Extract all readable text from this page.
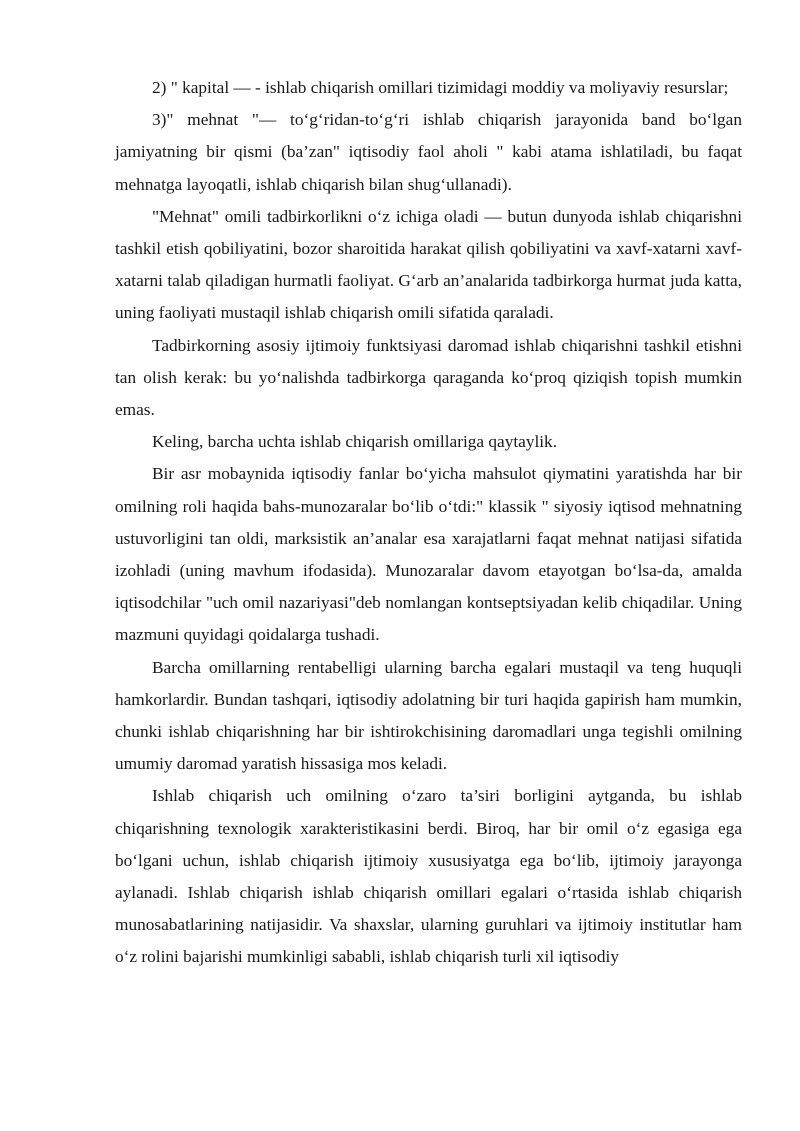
2) " kapital — - ishlab chiqarish omillari tizimidagi moddiy va moliyaviy resurslar;

3)" mehnat "— to‘g‘ridan-to‘g‘ri ishlab chiqarish jarayonida band bo‘lgan jamiyatning bir qismi (ba’zan" iqtisodiy faol aholi " kabi atama ishlatiladi, bu faqat mehnatga layoqatli, ishlab chiqarish bilan shug‘ullanadi).

"Mehnat" omili tadbirkorlikni o‘z ichiga oladi — butun dunyoda ishlab chiqarishni tashkil etish qobiliyatini, bozor sharoitida harakat qilish qobiliyatini va xavf-xatarni xavf-xatarni talab qiladigan hurmatli faoliyat. G‘arb an’analarida tadbirkorga hurmat juda katta, uning faoliyati mustaqil ishlab chiqarish omili sifatida qaraladi.

Tadbirkorning asosiy ijtimoiy funktsiyasi daromad ishlab chiqarishni tashkil etishni tan olish kerak: bu yo‘nalishda tadbirkorga qaraganda ko‘proq qiziqish topish mumkin emas.

Keling, barcha uchta ishlab chiqarish omillariga qaytaylik.

Bir asr mobaynida iqtisodiy fanlar bo‘yicha mahsulot qiymatini yaratishda har bir omilning roli haqida bahs-munozaralar bo‘lib o‘tdi:" klassik " siyosiy iqtisod mehnatning ustuvorligini tan oldi, marksistik an’analar esa xarajatlarni faqat mehnat natijasi sifatida izohladi (uning mavhum ifodasida). Munozaralar davom etayotgan bo‘lsa-da, amalda iqtisodchilar "uch omil nazariyasi"deb nomlangan kontseptsiyadan kelib chiqadilar. Uning mazmuni quyidagi qoidalarga tushadi.

Barcha omillarning rentabelligi ularning barcha egalari mustaqil va teng huquqli hamkorlardir. Bundan tashqari, iqtisodiy adolatning bir turi haqida gapirish ham mumkin, chunki ishlab chiqarishning har bir ishtirokchisining daromadlari unga tegishli omilning umumiy daromad yaratish hissasiga mos keladi.

Ishlab chiqarish uch omilning o‘zaro ta’siri borligini aytganda, bu ishlab chiqarishning texnologik xarakteristikasini berdi. Biroq, har bir omil o‘z egasiga ega bo‘lgani uchun, ishlab chiqarish ijtimoiy xususiyatga ega bo‘lib, ijtimoiy jarayonga aylanadi. Ishlab chiqarish ishlab chiqarish omillari egalari o‘rtasida ishlab chiqarish munosabatlarining natijasidir. Va shaxslar, ularning guruhlari va ijtimoiy institutlar ham o‘z rolini bajarishi mumkinligi sababli, ishlab chiqarish turli xil iqtisodiy
